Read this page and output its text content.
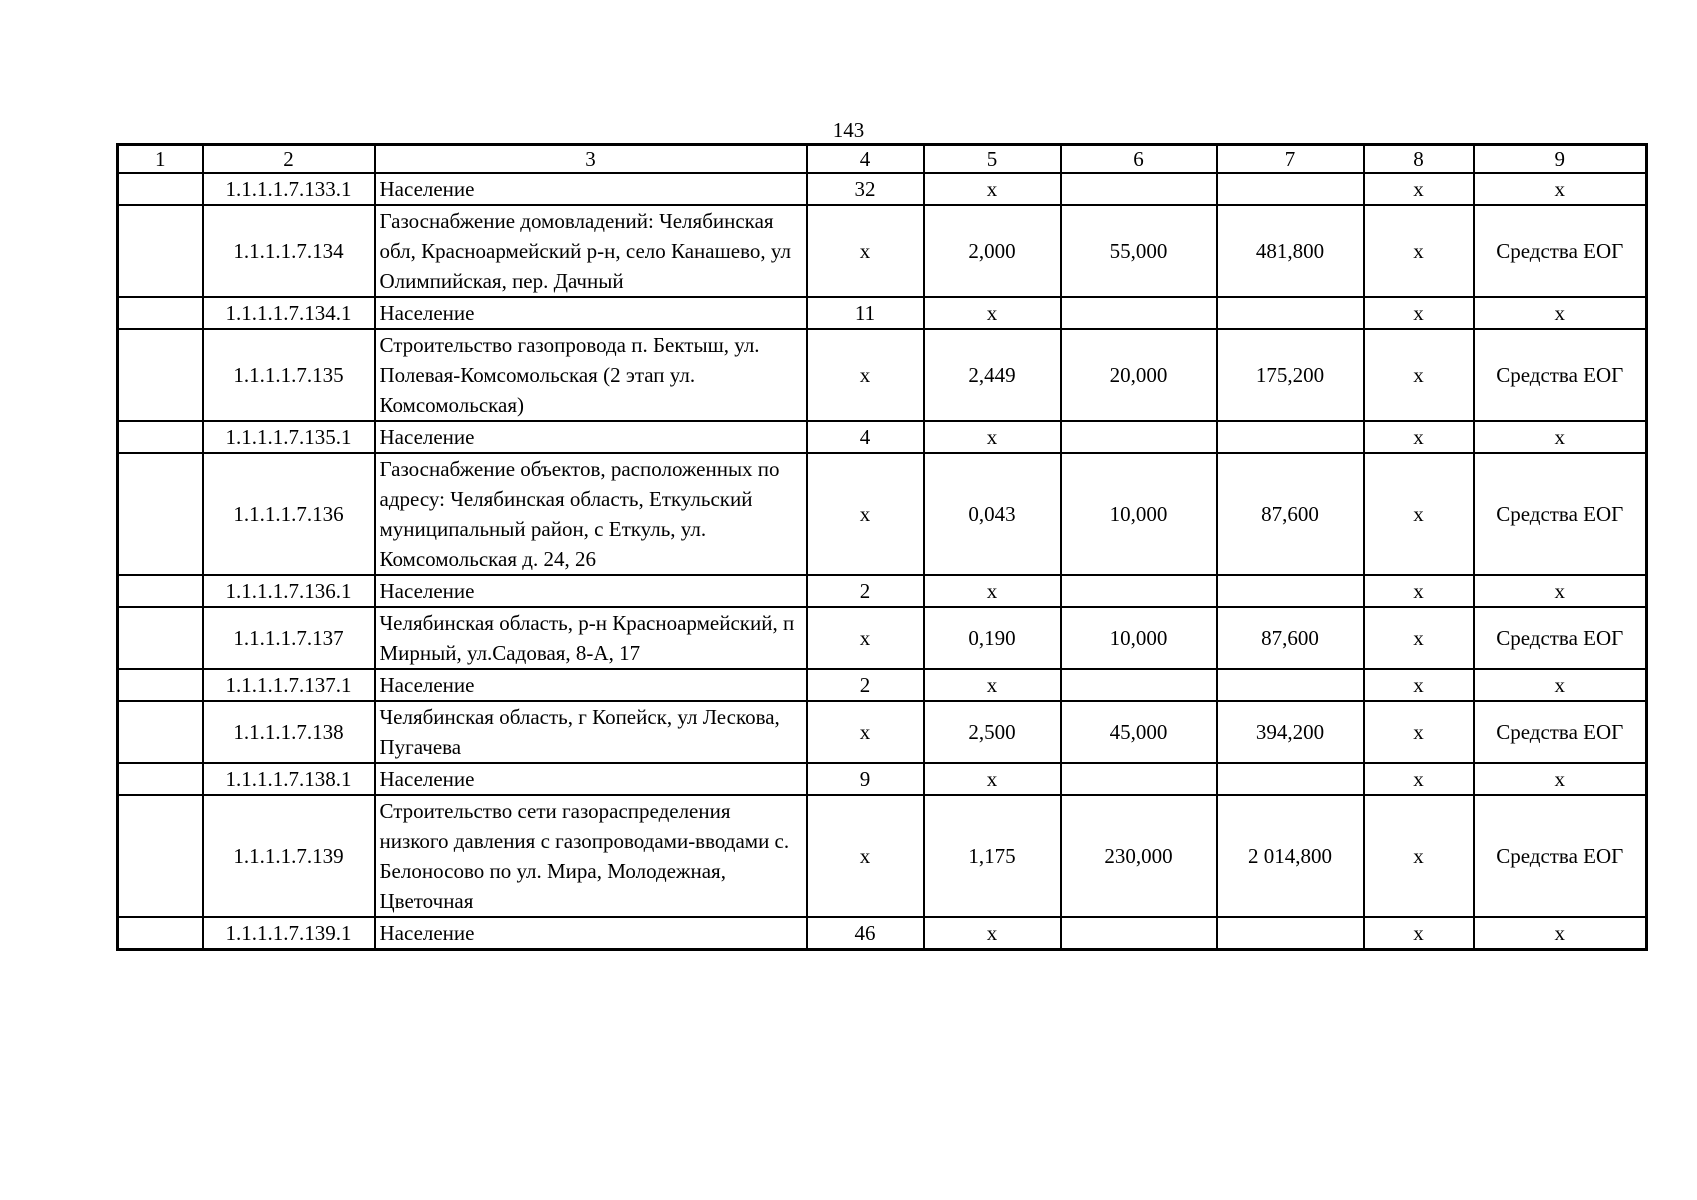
143
1	2	3	4	5	6	7	8	9
	1.1.1.1.7.133.1	Население	32	х			х	х
	1.1.1.1.7.134	Газоснабжение домовладений: Челябинская обл, Красноармейский р-н, село Канашево, ул Олимпийская, пер. Дачный	х	2,000	55,000	481,800	х	Средства ЕОГ
	1.1.1.1.7.134.1	Население	11	х			х	х
	1.1.1.1.7.135	Строительство газопровода п. Бектыш, ул. Полевая-Комсомольская (2 этап ул. Комсомольская)	х	2,449	20,000	175,200	х	Средства ЕОГ
	1.1.1.1.7.135.1	Население	4	х			х	х
	1.1.1.1.7.136	Газоснабжение объектов, расположенных по адресу: Челябинская область, Еткульский муниципальный район, с Еткуль, ул. Комсомольская д. 24, 26	х	0,043	10,000	87,600	х	Средства ЕОГ
	1.1.1.1.7.136.1	Население	2	х			х	х
	1.1.1.1.7.137	Челябинская область, р-н Красноармейский, п Мирный, ул.Садовая, 8-А, 17	х	0,190	10,000	87,600	х	Средства ЕОГ
	1.1.1.1.7.137.1	Население	2	х			х	х
	1.1.1.1.7.138	Челябинская область, г Копейск, ул Лескова, Пугачева	х	2,500	45,000	394,200	х	Средства ЕОГ
	1.1.1.1.7.138.1	Население	9	х			х	х
	1.1.1.1.7.139	Строительство сети газораспределения низкого давления с газопроводами-вводами с. Белоносово по ул. Мира, Молодежная, Цветочная	х	1,175	230,000	2 014,800	х	Средства ЕОГ
	1.1.1.1.7.139.1	Население	46	х			х	х
